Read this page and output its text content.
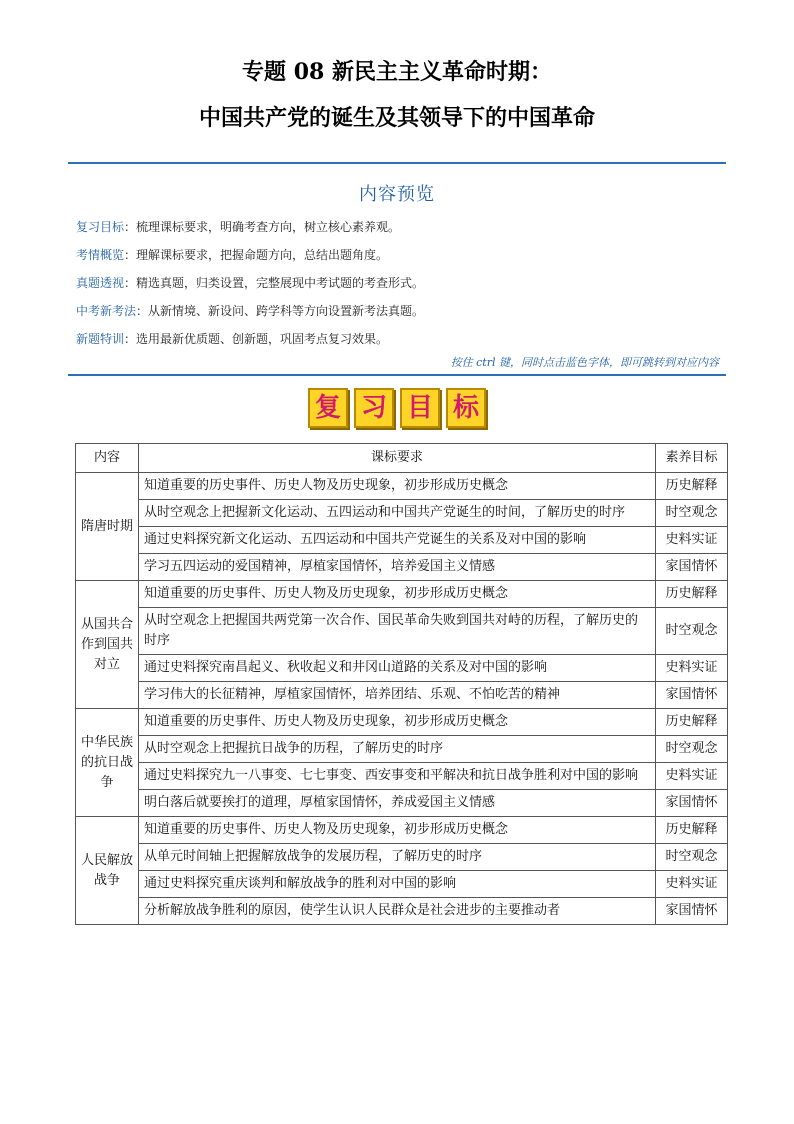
专题 08 新民主主义革命时期：
中国共产党的诞生及其领导下的中国革命
内容预览
复习目标：梳理课标要求，明确考查方向，树立核心素养观。
考情概览：理解课标要求，把握命题方向，总结出题角度。
真题透视：精选真题，归类设置，完整展现中考试题的考查形式。
中考新考法：从新情境、新设问、跨学科等方向设置新考法真题。
新题特训：选用最新优质题、创新题，巩固考点复习效果。
按住 ctrl 键，同时点击蓝色字体，即可跳转到对应内容
复 习 目 标
内容	课标要求	素养目标
隋唐时期	知道重要的历史事件、历史人物及历史现象，初步形成历史概念	历史解释
	从时空观念上把握新文化运动、五四运动和中国共产党诞生的时间，了解历史的时序	时空观念
	通过史料探究新文化运动、五四运动和中国共产党诞生的关系及对中国的影响	史料实证
	学习五四运动的爱国精神，厚植家国情怀，培养爱国主义情感	家国情怀
从国共合作到国共对立	知道重要的历史事件、历史人物及历史现象，初步形成历史概念	历史解释
	从时空观念上把握国共两党第一次合作、国民革命失败到国共对峙的历程，了解历史的时序	时空观念
	通过史料探究南昌起义、秋收起义和井冈山道路的关系及对中国的影响	史料实证
	学习伟大的长征精神，厚植家国情怀，培养团结、乐观、不怕吃苦的精神	家国情怀
中华民族的抗日战争	知道重要的历史事件、历史人物及历史现象，初步形成历史概念	历史解释
	从时空观念上把握抗日战争的历程，了解历史的时序	时空观念
	通过史料探究九一八事变、七七事变、西安事变和平解决和抗日战争胜利对中国的影响	史料实证
	明白落后就要挨打的道理，厚植家国情怀，养成爱国主义情感	家国情怀
人民解放战争	知道重要的历史事件、历史人物及历史现象，初步形成历史概念	历史解释
	从单元时间轴上把握解放战争的发展历程，了解历史的时序	时空观念
	通过史料探究重庆谈判和解放战争的胜利对中国的影响	史料实证
	分析解放战争胜利的原因，使学生认识人民群众是社会进步的主要推动者	家国情怀
